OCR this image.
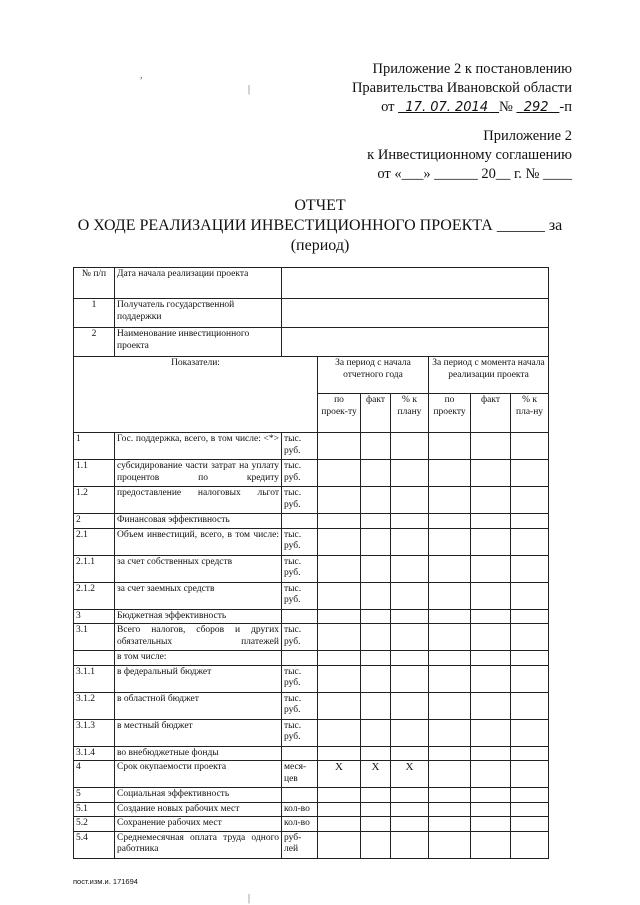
Приложение 2 к постановлению
Правительства Ивановской области
от 17. 07. 2014 № 292 -п
Приложение 2
к Инвестиционному соглашению
от «___» ______ 20__ г. № ____
ОТЧЕТ
О ХОДЕ РЕАЛИЗАЦИИ ИНВЕСТИЦИОННОГО ПРОЕКТА ______ за
(период)
№ п/п	Дата начала реализации проекта							
1	Получатель государственной поддержки							
2	Наименование инвестиционного проекта							
Показатели:			За период с начала отчетного года			За период с момента начала реализации проекта		
			по проек-ту	факт	% к плану	по проекту	факт	% к пла-ну
1	Гос. поддержка, всего, в том числе: <*>	тыс. руб.						
1.1	субсидирование части затрат на уплату процентов по кредиту	тыс. руб.						
1.2	предоставление налоговых льгот	тыс. руб.						
2	Финансовая эффективность							
2.1	Объем инвестиций, всего, в том числе:	тыс. руб.						
2.1.1	за счет собственных средств	тыс. руб.						
2.1.2	за счет заемных средств	тыс. руб.						
3	Бюджетная эффективность							
3.1	Всего налогов, сборов и других обязательных платежей	тыс. руб.						
	в том числе:							
3.1.1	в федеральный бюджет	тыс. руб.						
3.1.2	в областной бюджет	тыс. руб.						
3.1.3	в местный бюджет	тыс. руб.						
3.1.4	во внебюджетные фонды							
4	Срок окупаемости проекта	меся-цев	X	X	X			
5	Социальная эффективность							
5.1	Создание новых рабочих мест	кол-во						
5.2	Сохранение рабочих мест	кол-во						
5.4	Среднемесячная оплата труда одного работника	руб-лей						
пост.изм.и. 171694
,
|
|
